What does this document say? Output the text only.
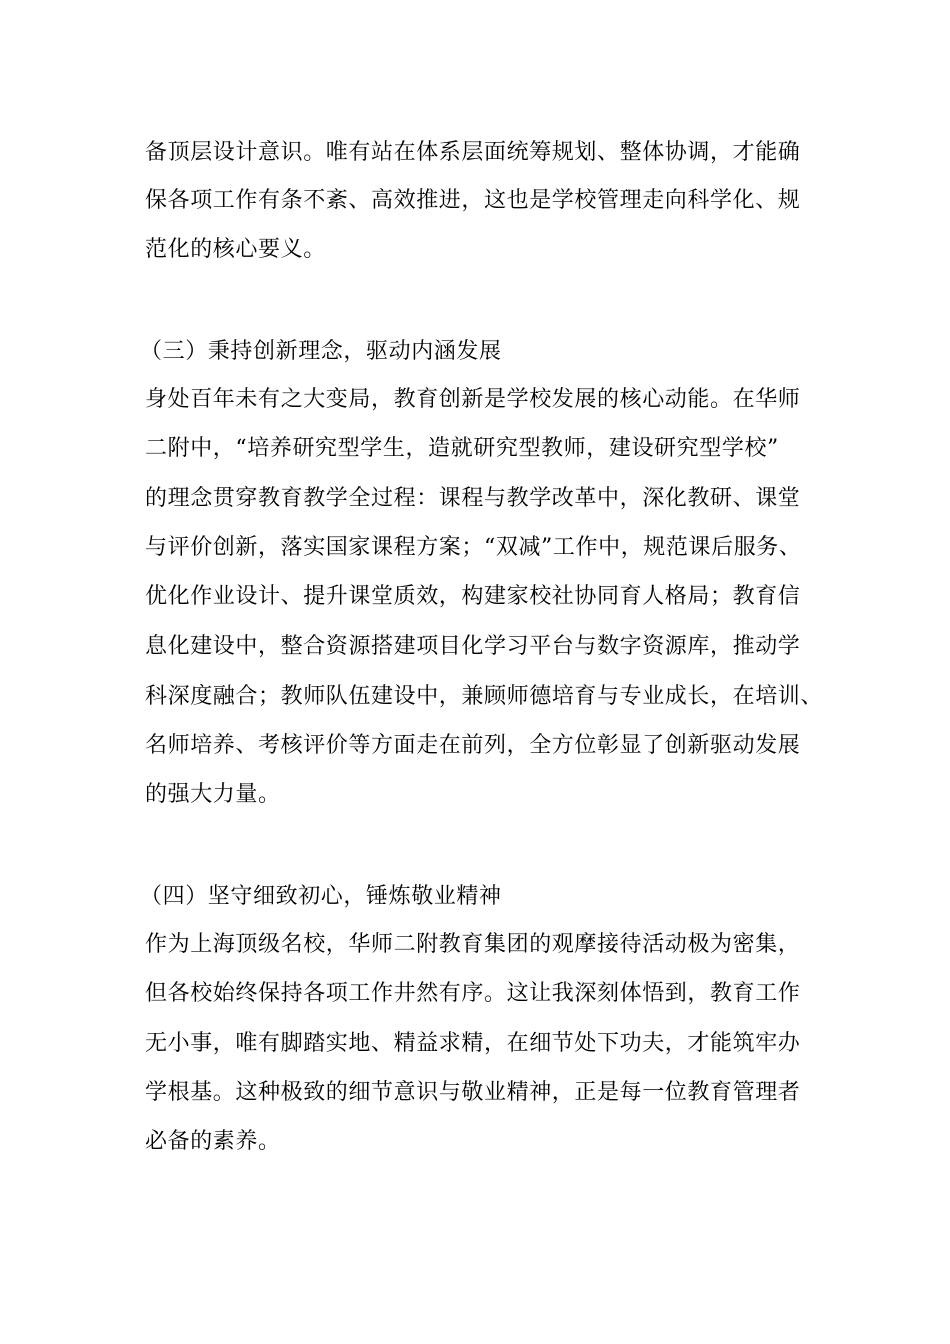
备顶层设计意识。唯有站在体系层面统筹规划、整体协调，才能确

保各项工作有条不紊、高效推进，这也是学校管理走向科学化、规

范化的核心要义。

（三）秉持创新理念，驱动内涵发展

身处百年未有之大变局，教育创新是学校发展的核心动能。在华师

二附中，“培养研究型学生，造就研究型教师，建设研究型学校”

的理念贯穿教育教学全过程：课程与教学改革中，深化教研、课堂

与评价创新，落实国家课程方案；“双减”工作中，规范课后服务、

优化作业设计、提升课堂质效，构建家校社协同育人格局；教育信

息化建设中，整合资源搭建项目化学习平台与数字资源库，推动学

科深度融合；教师队伍建设中，兼顾师德培育与专业成长，在培训、

名师培养、考核评价等方面走在前列，全方位彰显了创新驱动发展

的强大力量。

（四）坚守细致初心，锤炼敬业精神

作为上海顶级名校，华师二附教育集团的观摩接待活动极为密集，

但各校始终保持各项工作井然有序。这让我深刻体悟到，教育工作

无小事，唯有脚踏实地、精益求精，在细节处下功夫，才能筑牢办

学根基。这种极致的细节意识与敬业精神，正是每一位教育管理者

必备的素养。
